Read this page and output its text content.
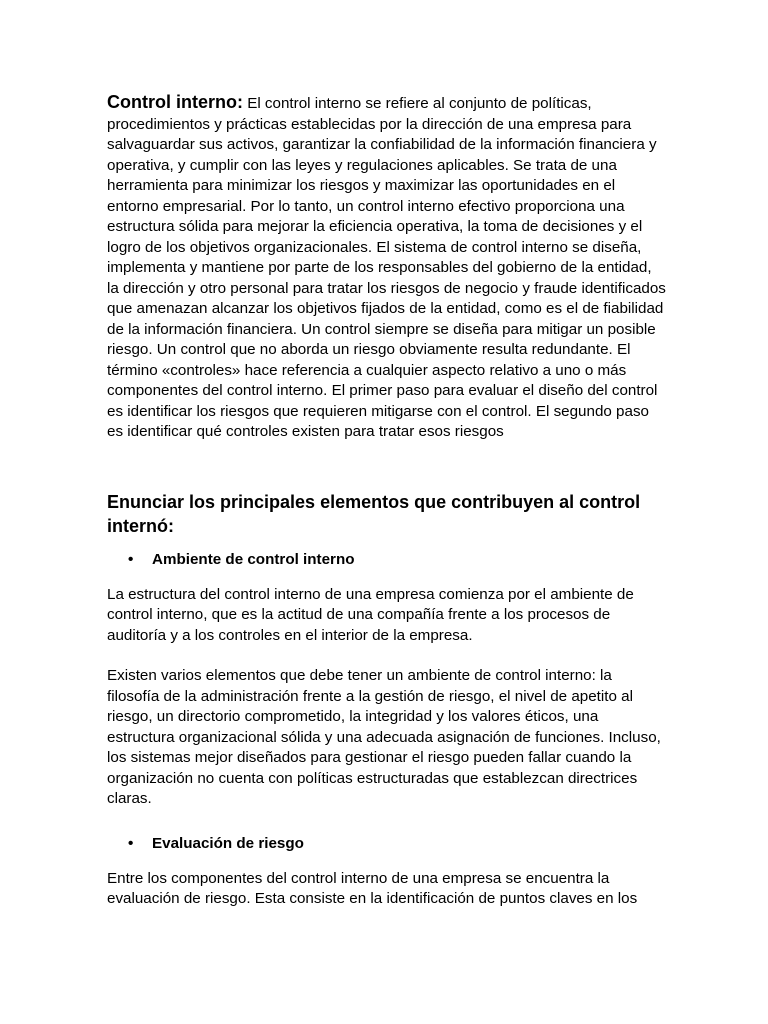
Control interno: El control interno se refiere al conjunto de políticas, procedimientos y prácticas establecidas por la dirección de una empresa para salvaguardar sus activos, garantizar la confiabilidad de la información financiera y operativa, y cumplir con las leyes y regulaciones aplicables. Se trata de una herramienta para minimizar los riesgos y maximizar las oportunidades en el entorno empresarial. Por lo tanto, un control interno efectivo proporciona una estructura sólida para mejorar la eficiencia operativa, la toma de decisiones y el logro de los objetivos organizacionales. El sistema de control interno se diseña, implementa y mantiene por parte de los responsables del gobierno de la entidad, la dirección y otro personal para tratar los riesgos de negocio y fraude identificados que amenazan alcanzar los objetivos fijados de la entidad, como es el de fiabilidad de la información financiera. Un control siempre se diseña para mitigar un posible riesgo. Un control que no aborda un riesgo obviamente resulta redundante. El término «controles» hace referencia a cualquier aspecto relativo a uno o más componentes del control interno. El primer paso para evaluar el diseño del control es identificar los riesgos que requieren mitigarse con el control. El segundo paso es identificar qué controles existen para tratar esos riesgos

Enunciar los principales elementos que contribuyen al control internó:
• Ambiente de control interno

La estructura del control interno de una empresa comienza por el ambiente de control interno, que es la actitud de una compañía frente a los procesos de auditoría y a los controles en el interior de la empresa.

Existen varios elementos que debe tener un ambiente de control interno: la filosofía de la administración frente a la gestión de riesgo, el nivel de apetito al riesgo, un directorio comprometido, la integridad y los valores éticos, una estructura organizacional sólida y una adecuada asignación de funciones. Incluso, los sistemas mejor diseñados para gestionar el riesgo pueden fallar cuando la organización no cuenta con políticas estructuradas que establezcan directrices claras.

• Evaluación de riesgo

Entre los componentes del control interno de una empresa se encuentra la evaluación de riesgo. Esta consiste en la identificación de puntos claves en los
